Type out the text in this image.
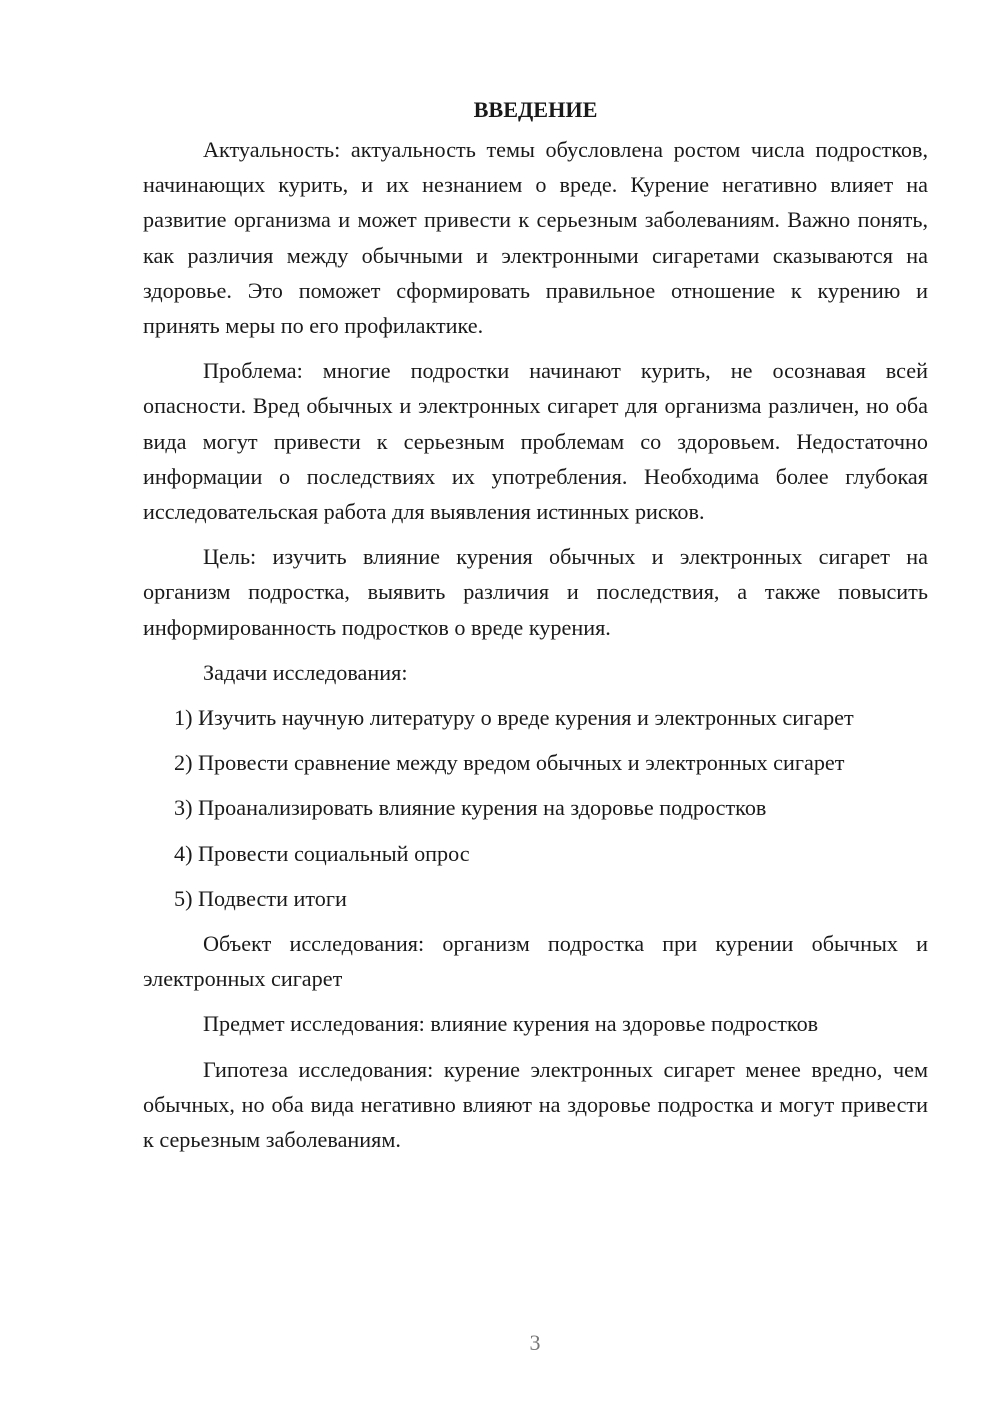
ВВЕДЕНИЕ

Актуальность: актуальность темы обусловлена ростом числа подростков, начинающих курить, и их незнанием о вреде. Курение негативно влияет на развитие организма и может привести к серьезным заболеваниям. Важно понять, как различия между обычными и электронными сигаретами сказываются на здоровье. Это поможет сформировать правильное отношение к курению и принять меры по его профилактике.

Проблема: многие подростки начинают курить, не осознавая всей опасности. Вред обычных и электронных сигарет для организма различен, но оба вида могут привести к серьезным проблемам со здоровьем. Недостаточно информации о последствиях их употребления. Необходима более глубокая исследовательская работа для выявления истинных рисков.

Цель: изучить влияние курения обычных и электронных сигарет на организм подростка, выявить различия и последствия, а также повысить информированность подростков о вреде курения.

Задачи исследования:

1) Изучить научную литературу о вреде курения и электронных сигарет

2) Провести сравнение между вредом обычных и электронных сигарет

3) Проанализировать влияние курения на здоровье подростков

4) Провести социальный опрос

5) Подвести итоги

Объект исследования: организм подростка при курении обычных и электронных сигарет

Предмет исследования: влияние курения на здоровье подростков

Гипотеза исследования: курение электронных сигарет менее вредно, чем обычных, но оба вида негативно влияют на здоровье подростка и могут привести к серьезным заболеваниям.

3
